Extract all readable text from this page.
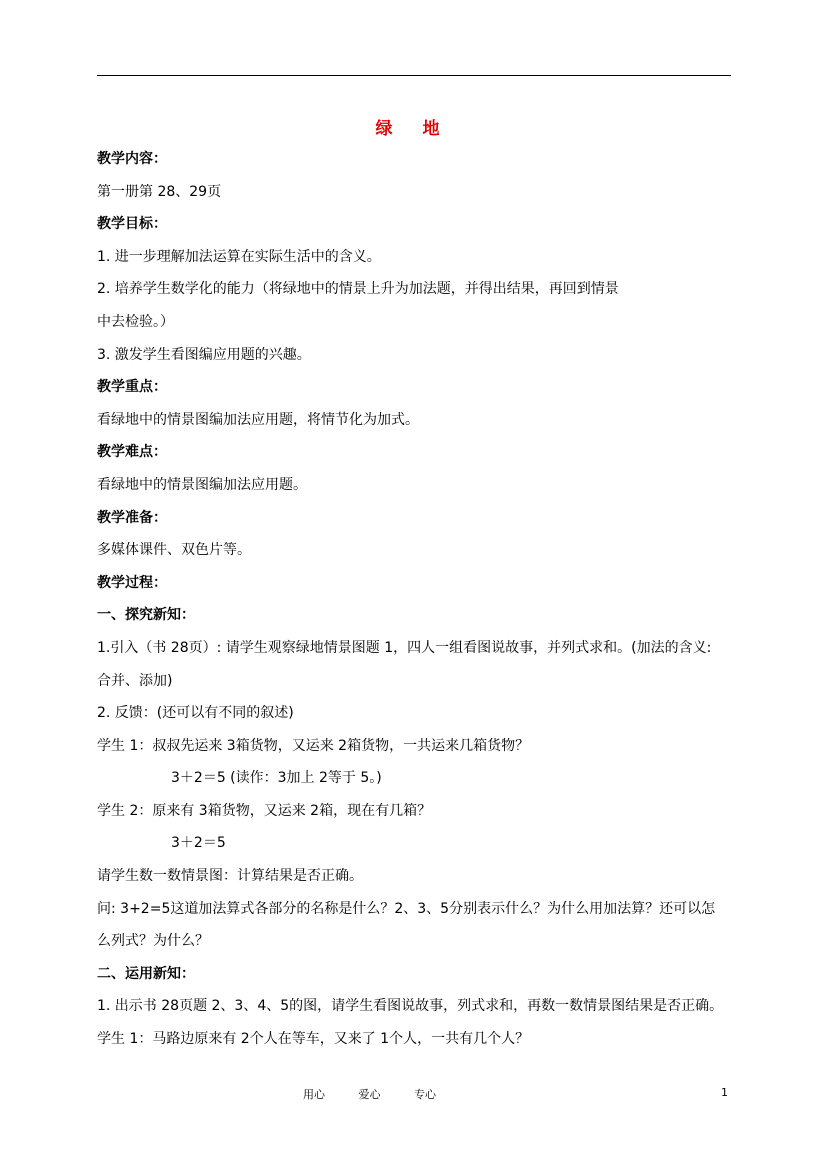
绿 地
教学内容：
第一册第 28、29页
教学目标：
1. 进一步理解加法运算在实际生活中的含义。
2. 培养学生数学化的能力（将绿地中的情景上升为加法题，并得出结果，再回到情景
中去检验。）
3. 激发学生看图编应用题的兴趣。
教学重点：
看绿地中的情景图编加法应用题，将情节化为加式。
教学难点：
看绿地中的情景图编加法应用题。
教学准备：
多媒体课件、双色片等。
教学过程：
一、探究新知：
1.引入（书 28页）: 请学生观察绿地情景图题 1，四人一组看图说故事，并列式求和。(加法的含义:
合并、添加)
2. 反馈：(还可以有不同的叙述)
学生 1：叔叔先运来 3箱货物，又运来 2箱货物，一共运来几箱货物？
3＋2＝5 (读作：3加上 2等于 5。)
学生 2：原来有 3箱货物，又运来 2箱，现在有几箱？
3＋2＝5
请学生数一数情景图：计算结果是否正确。
问: 3+2=5这道加法算式各部分的名称是什么？2、3、5分别表示什么？为什么用加法算？还可以怎
么列式？为什么？
二、运用新知：
1. 出示书 28页题 2、3、4、5的图，请学生看图说故事，列式求和，再数一数情景图结果是否正确。
学生 1：马路边原来有 2个人在等车，又来了 1个人，一共有几个人？
用心	爱心	专心	1
